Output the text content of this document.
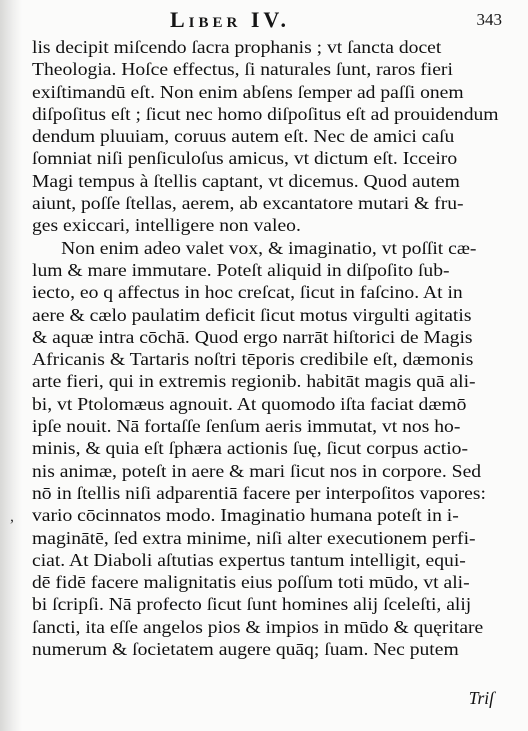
Liber IV.	343
lis decipit miſcendo ſacra prophanis ; vt ſancta docet
Theologia. Hoſce effectus, ſi naturales ſunt, raros fieri
exiſtimandū eſt. Non enim abſens ſemper ad paſſi onem
diſpoſitus eſt ; ſicut nec homo diſpoſitus eſt ad prouidendum
dendum pluuiam, coruus autem eſt. Nec de amici caſu
ſomniat niſi penſiculoſus amicus, vt dictum eſt. Icceiro
Magi tempus à ſtellis captant, vt dicemus. Quod autem
aiunt, poſſe ſtellas, aerem, ab excantatore mutari & fru-
ges exiccari, intelligere non valeo.
Non enim adeo valet vox, & imaginatio, vt poſſit cæ-
lum & mare immutare. Poteſt aliquid in diſpoſito ſub-
iecto, eo q affectus in hoc creſcat, ſicut in faſcino. At in
aere & cælo paulatim deficit ſicut motus virgulti agitatis
& aquæ intra cōchā. Quod ergo narrāt hiſtorici de Magis
Africanis & Tartaris noſtri tēporis credibile eſt, dæmonis
arte fieri, qui in extremis regionib. habitāt magis quā ali-
bi, vt Ptolomæus agnouit. At quomodo iſta faciat dæmō
ipſe nouit. Nā fortaſſe ſenſum aeris immutat, vt nos ho-
minis, & quia eſt ſphæra actionis ſuę, ſicut corpus actio-
nis animæ, poteſt in aere & mari ſicut nos in corpore. Sed
nō in ſtellis niſi adparentiā facere per interpoſitos vapores:
vario cōcinnatos modo. Imaginatio humana poteſt in i-
maginātē, ſed extra minime, niſi alter executionem perfi-
ciat. At Diaboli aſtutias expertus tantum intelligit, equi-
dē fidē facere malignitatis eius poſſum toti mūdo, vt ali-
bi ſcripſi. Nā profecto ſicut ſunt homines alij ſceleſti, alij
ſancti, ita eſſe angelos pios & impios in mūdo & quęritare
numerum & ſocietatem augere quāq; ſuam. Nec putem
,
Triſ
